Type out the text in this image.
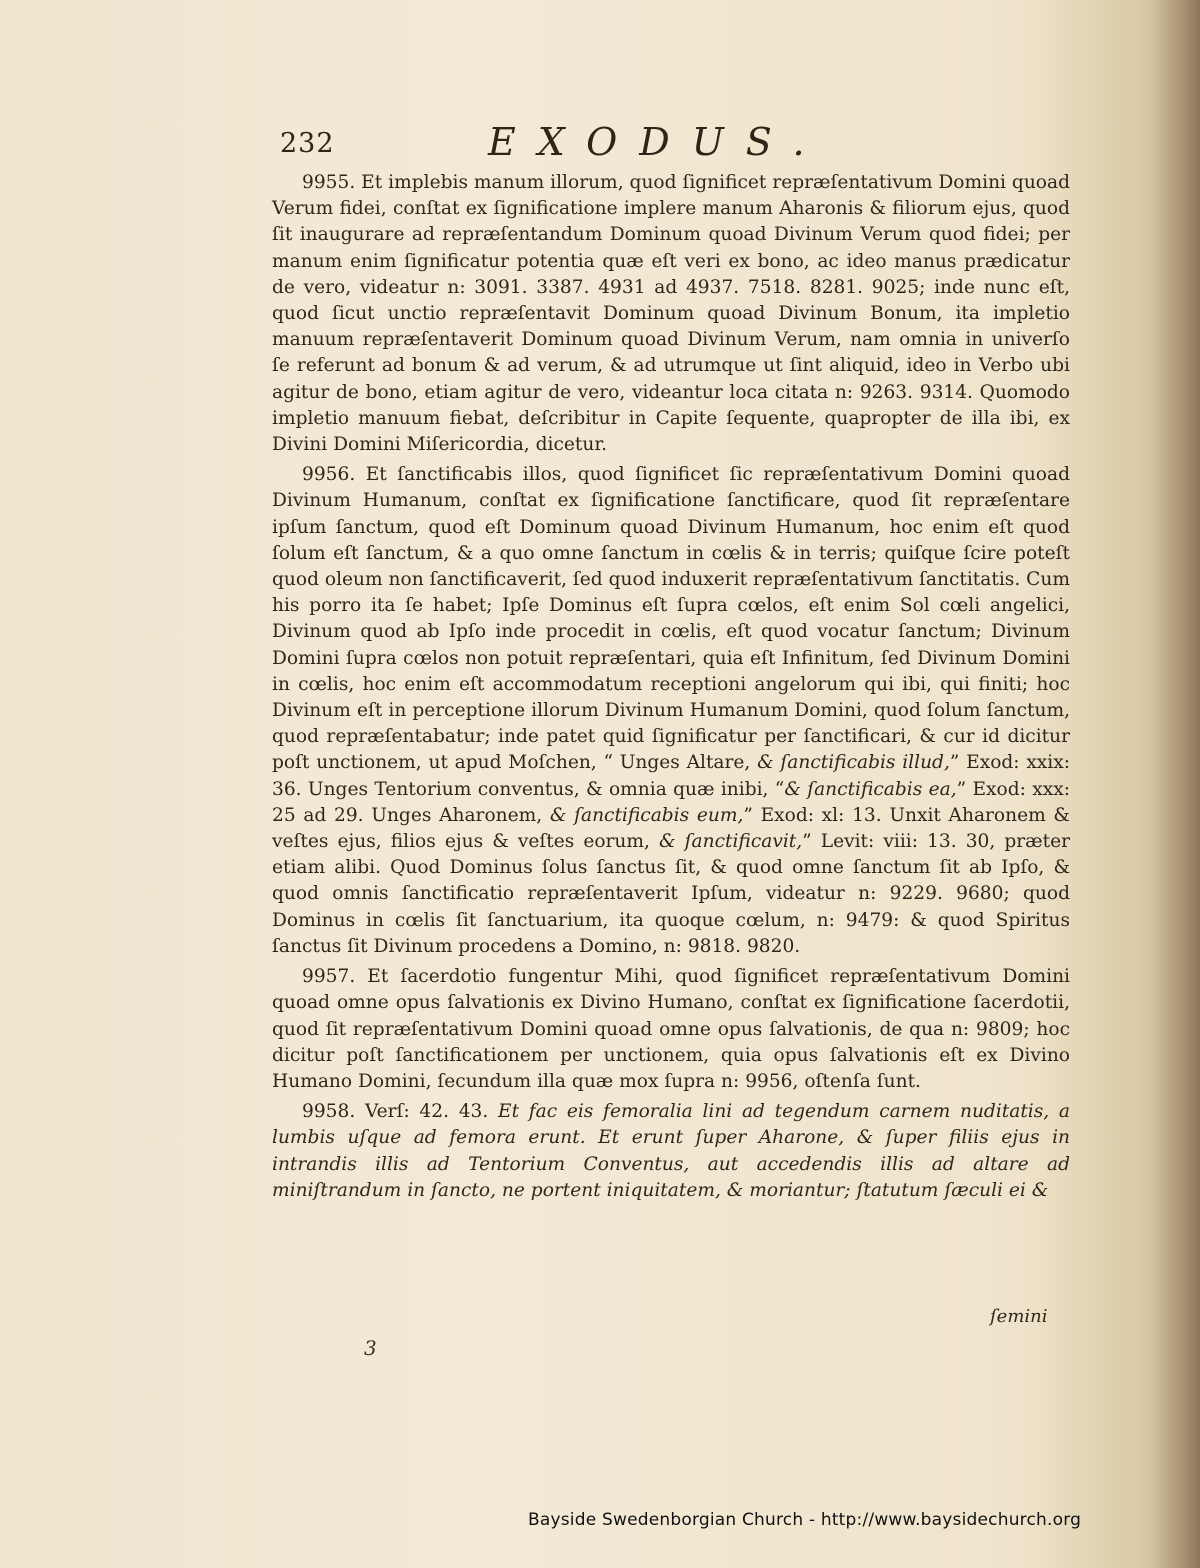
232	EXODUS.

9955. Et implebis manum illorum, quod ſignificet repræſentativum Domini quoad Verum fidei, conſtat ex ſignificatione implere manum Aharonis & filiorum ejus, quod ſit inaugurare ad repræſentandum Dominum quoad Divinum Verum quod fidei; per manum enim ſignificatur potentia quæ eſt veri ex bono, ac ideo manus prædicatur de vero, videatur n: 3091. 3387. 4931 ad 4937. 7518. 8281. 9025; inde nunc eſt, quod ſicut unctio repræſentavit Dominum quoad Divinum Bonum, ita impletio manuum repræſentaverit Dominum quoad Divinum Verum, nam omnia in univerſo ſe referunt ad bonum & ad verum, & ad utrumque ut ſint aliquid, ideo in Verbo ubi agitur de bono, etiam agitur de vero, videantur loca citata n: 9263. 9314. Quomodo impletio manuum fiebat, deſcribitur in Capite ſequente, quapropter de illa ibi, ex Divini Domini Miſericordia, dicetur.

9956. Et ſanctificabis illos, quod ſignificet ſic repræſentativum Domini quoad Divinum Humanum, conſtat ex ſignificatione ſanctificare, quod ſit repræſentare ipſum ſanctum, quod eſt Dominum quoad Divinum Humanum, hoc enim eſt quod ſolum eſt ſanctum, & a quo omne ſanctum in cœlis & in terris; quiſque ſcire poteſt quod oleum non ſanctificaverit, ſed quod induxerit repræſentativum ſanctitatis. Cum his porro ita ſe habet; Ipſe Dominus eſt ſupra cœlos, eſt enim Sol cœli angelici, Divinum quod ab Ipſo inde procedit in cœlis, eſt quod vocatur ſanctum; Divinum Domini ſupra cœlos non potuit repræſentari, quia eſt Infinitum, ſed Divinum Domini in cœlis, hoc enim eſt accommodatum receptioni angelorum qui ibi, qui finiti; hoc Divinum eſt in perceptione illorum Divinum Humanum Domini, quod ſolum ſanctum, quod repræſentabatur; inde patet quid ſignificatur per ſanctificari, & cur id dicitur poſt unctionem, ut apud Moſchen, “ Unges Altare, & ſanctificabis illud,” Exod: xxix: 36. Unges Tentorium conventus, & omnia quæ inibi, “& ſanctificabis ea,” Exod: xxx: 25 ad 29. Unges Aharonem, & ſanctificabis eum,” Exod: xl: 13. Unxit Aharonem & veſtes ejus, filios ejus & veſtes eorum, & ſanctificavit,” Levit: viii: 13. 30, præter etiam alibi. Quod Dominus ſolus ſanctus ſit, & quod omne ſanctum ſit ab Ipſo, & quod omnis ſanctificatio repræſentaverit Ipſum, videatur n: 9229. 9680; quod Dominus in cœlis ſit ſanctuarium, ita quoque cœlum, n: 9479: & quod Spiritus ſanctus ſit Divinum procedens a Domino, n: 9818. 9820.

9957. Et ſacerdotio fungentur Mihi, quod ſignificet repræſentativum Domini quoad omne opus ſalvationis ex Divino Humano, conſtat ex ſignificatione ſacerdotii, quod ſit repræſentativum Domini quoad omne opus ſalvationis, de qua n: 9809; hoc dicitur poſt ſanctificationem per unctionem, quia opus ſalvationis eſt ex Divino Humano Domini, ſecundum illa quæ mox ſupra n: 9956, oſtenſa ſunt.

9958. Verſ: 42. 43. Et fac eis femoralia lini ad tegendum carnem nuditatis, a lumbis uſque ad femora erunt. Et erunt ſuper Aharone, & ſuper filiis ejus in intrandis illis ad Tentorium Conventus, aut accedendis illis ad altare ad miniſtrandum in ſancto, ne portent iniquitatem, & moriantur; ſtatutum ſæculi ei &

ſemini
3
Bayside Swedenborgian Church - http://www.baysidechurch.org
